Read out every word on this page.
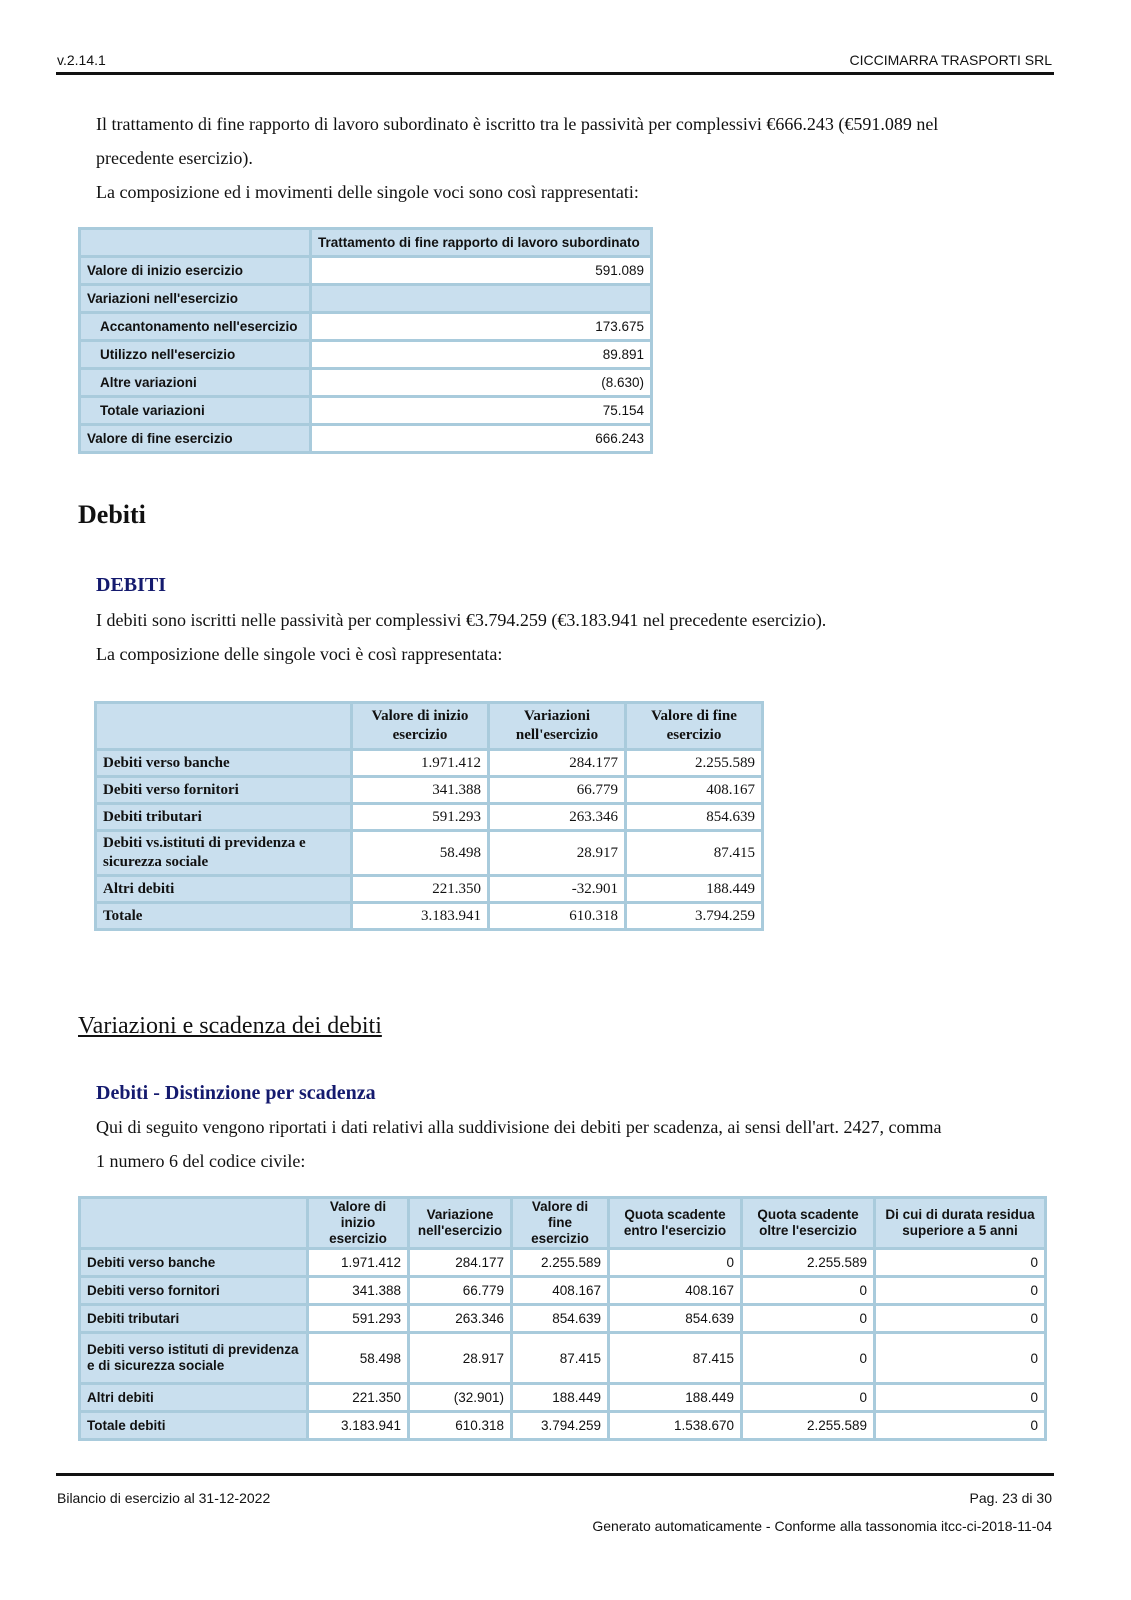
v.2.14.1	CICCIMARRA TRASPORTI SRL
Il trattamento di fine rapporto di lavoro subordinato è iscritto tra le passività per complessivi €666.243 (€591.089 nel
precedente esercizio).
La composizione ed i movimenti delle singole voci sono così rappresentati:
	Trattamento di fine rapporto di lavoro subordinato
Valore di inizio esercizio	591.089
Variazioni nell'esercizio	
Accantonamento nell'esercizio	173.675
Utilizzo nell'esercizio	89.891
Altre variazioni	(8.630)
Totale variazioni	75.154
Valore di fine esercizio	666.243
Debiti
DEBITI
I debiti sono iscritti nelle passività per complessivi €3.794.259 (€3.183.941 nel precedente esercizio).
La composizione delle singole voci è così rappresentata:
	Valore di inizio esercizio	Variazioni nell'esercizio	Valore di fine esercizio
Debiti verso banche	1.971.412	284.177	2.255.589
Debiti verso fornitori	341.388	66.779	408.167
Debiti tributari	591.293	263.346	854.639
Debiti vs.istituti di previdenza e sicurezza sociale	58.498	28.917	87.415
Altri debiti	221.350	-32.901	188.449
Totale	3.183.941	610.318	3.794.259
Variazioni e scadenza dei debiti
Debiti - Distinzione per scadenza
Qui di seguito vengono riportati i dati relativi alla suddivisione dei debiti per scadenza, ai sensi dell'art. 2427, comma
1 numero 6 del codice civile:
	Valore di inizio esercizio	Variazione nell'esercizio	Valore di fine esercizio	Quota scadente entro l'esercizio	Quota scadente oltre l'esercizio	Di cui di durata residua superiore a 5 anni
Debiti verso banche	1.971.412	284.177	2.255.589	0	2.255.589	0
Debiti verso fornitori	341.388	66.779	408.167	408.167	0	0
Debiti tributari	591.293	263.346	854.639	854.639	0	0
Debiti verso istituti di previdenza e di sicurezza sociale	58.498	28.917	87.415	87.415	0	0
Altri debiti	221.350	(32.901)	188.449	188.449	0	0
Totale debiti	3.183.941	610.318	3.794.259	1.538.670	2.255.589	0
Bilancio di esercizio al 31-12-2022	Pag. 23 di 30
Generato automaticamente - Conforme alla tassonomia itcc-ci-2018-11-04
